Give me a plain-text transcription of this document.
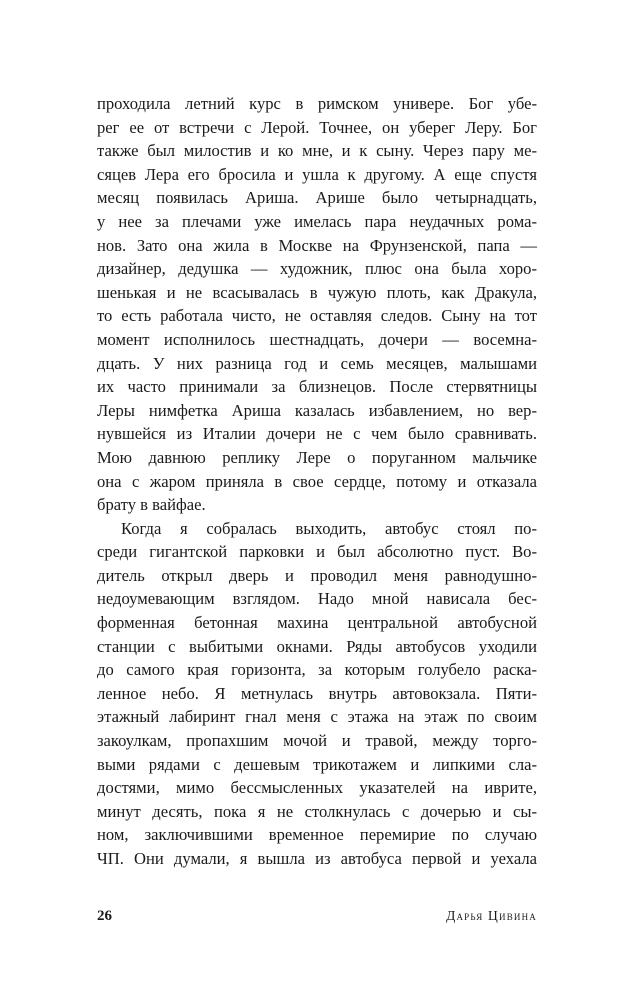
проходила летний курс в римском универе. Бог убе-
рег ее от встречи с Лерой. Точнее, он уберег Леру. Бог
также был милостив и ко мне, и к сыну. Через пару ме-
сяцев Лера его бросила и ушла к другому. А еще спустя
месяц появилась Ариша. Арише было четырнадцать,
у нее за плечами уже имелась пара неудачных рома-
нов. Зато она жила в Москве на Фрунзенской, папа —
дизайнер, дедушка — художник, плюс она была хоро-
шенькая и не всасывалась в чужую плоть, как Дракула,
то есть работала чисто, не оставляя следов. Сыну на тот
момент исполнилось шестнадцать, дочери — восемна-
дцать. У них разница год и семь месяцев, малышами
их часто принимали за близнецов. После стервятницы
Леры нимфетка Ариша казалась избавлением, но вер-
нувшейся из Италии дочери не с чем было сравнивать.
Мою давнюю реплику Лере о поруганном мальчике
она с жаром приняла в свое сердце, потому и отказала
брату в вайфае.
Когда я собралась выходить, автобус стоял по-
среди гигантской парковки и был абсолютно пуст. Во-
дитель открыл дверь и проводил меня равнодушно-
недоумевающим взглядом. Надо мной нависала бес-
форменная бетонная махина центральной автобусной
станции с выбитыми окнами. Ряды автобусов уходили
до самого края горизонта, за которым голубело раска-
ленное небо. Я метнулась внутрь автовокзала. Пяти-
этажный лабиринт гнал меня с этажа на этаж по своим
закоулкам, пропахшим мочой и травой, между торго-
выми рядами с дешевым трикотажем и липкими сла-
достями, мимо бессмысленных указателей на иврите,
минут десять, пока я не столкнулась с дочерью и сы-
ном, заключившими временное перемирие по случаю
ЧП. Они думали, я вышла из автобуса первой и уехала
26	Дарья Цивина
